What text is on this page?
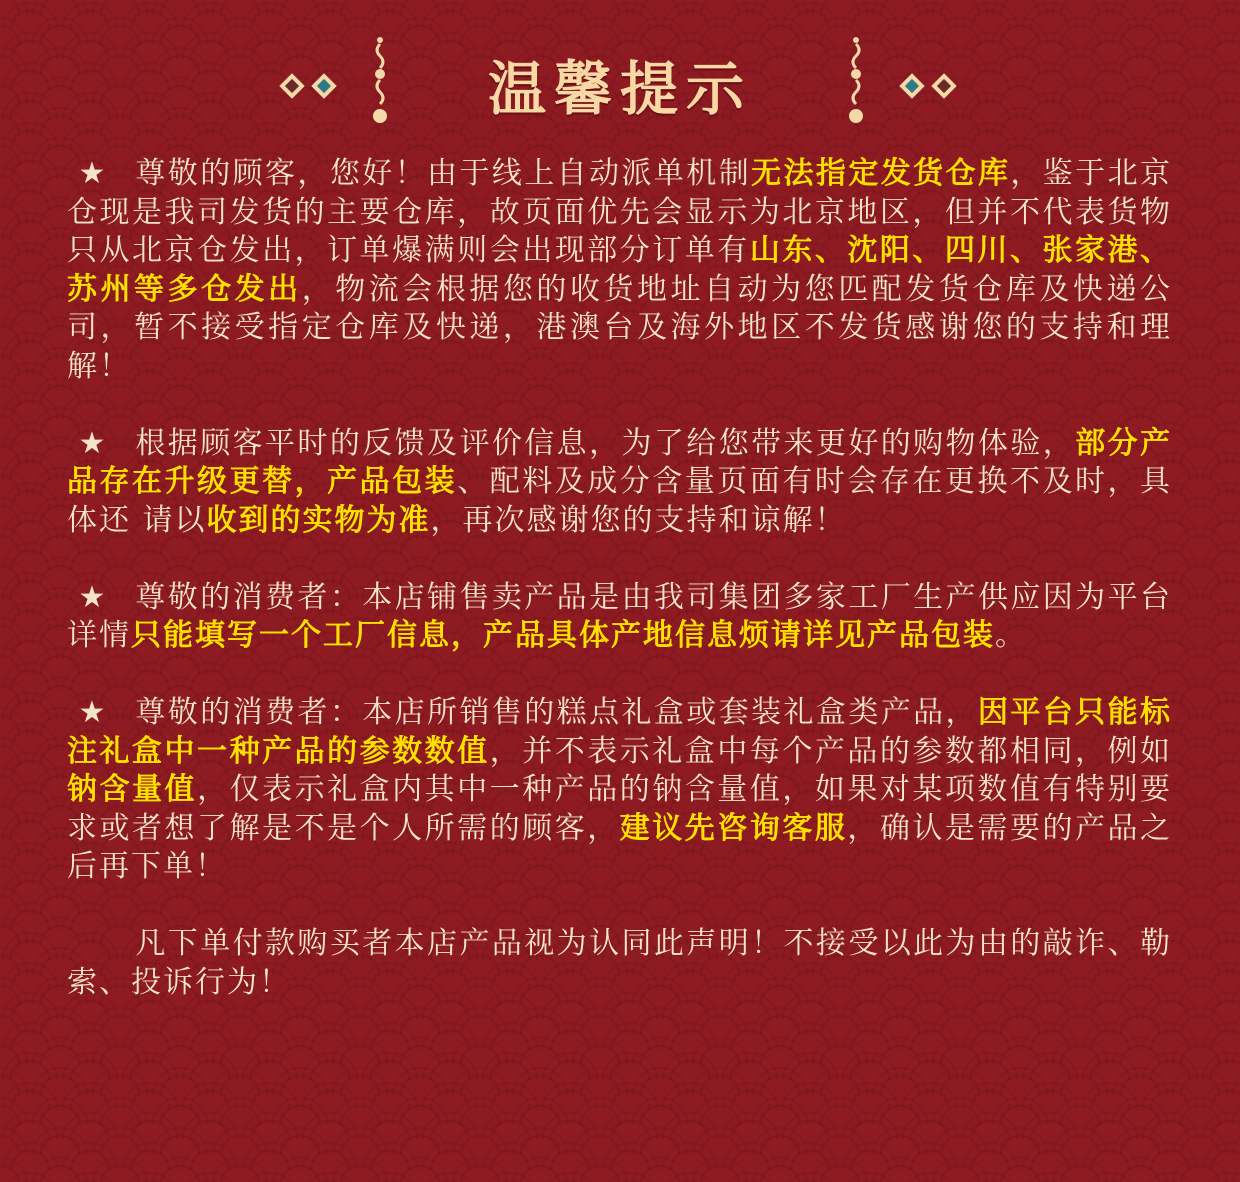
温馨提示

★ 尊敬的顾客，您好！由于线上自动派单机制无法指定发货仓库，鉴于北京仓现是我司发货的主要仓库，故页面优先会显示为北京地区，但并不代表货物只从北京仓发出，订单爆满则会出现部分订单有山东、沈阳、四川、张家港、苏州等多仓发出，物流会根据您的收货地址自动为您匹配发货仓库及快递公司，暂不接受指定仓库及快递，港澳台及海外地区不发货感谢您的支持和理解！

★ 根据顾客平时的反馈及评价信息，为了给您带来更好的购物体验，部分产品存在升级更替，产品包装、配料及成分含量页面有时会存在更换不及时，具体还 请以收到的实物为准，再次感谢您的支持和谅解！

★ 尊敬的消费者：本店铺售卖产品是由我司集团多家工厂生产供应因为平台详情只能填写一个工厂信息，产品具体产地信息烦请详见产品包装。

★ 尊敬的消费者：本店所销售的糕点礼盒或套装礼盒类产品，因平台只能标注礼盒中一种产品的参数数值，并不表示礼盒中每个产品的参数都相同，例如钠含量值，仅表示礼盒内其中一种产品的钠含量值，如果对某项数值有特别要求或者想了解是不是个人所需的顾客，建议先咨询客服，确认是需要的产品之后再下单！

凡下单付款购买者本店产品视为认同此声明！不接受以此为由的敲诈、勒索、投诉行为！
